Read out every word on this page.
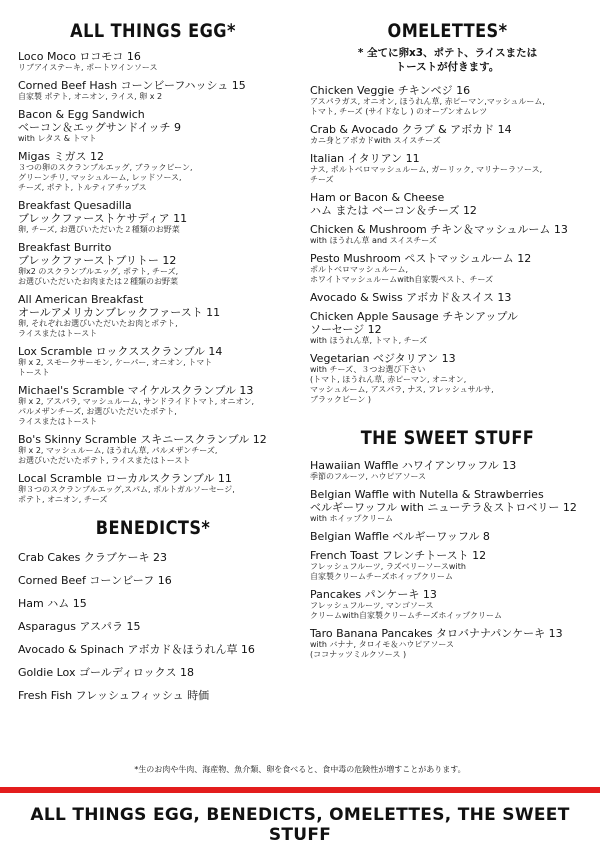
ALL THINGS EGG*
Loco Moco ロコモコ 16
リブアイステーキ, ポートワインソース
Corned Beef Hash コーンビーフハッシュ 15
自家製 ポテト, オニオン, ライス, 卵 x 2
Bacon & Egg Sandwich
ベーコン＆エッグサンドイッチ 9
with レタス & トマト
Migas ミガス 12
３つの卵のスクランブルエッグ, ブラックビーン,
グリーンチリ, マッシュルーム, レッドソース,
チーズ, ポテト, トルティアチップス
Breakfast Quesadilla
ブレックファーストケサディア 11
卵, チーズ, お選びいただいた２種類のお野菜
Breakfast Burrito
ブレックファーストブリトー 12
卵x2 のスクランブルエッグ, ポテト, チーズ,
お選びいただいたお肉または２種類のお野菜
All American Breakfast
オールアメリカンブレックファースト 11
卵, それぞれお選びいただいたお肉とポテト,
ライスまたはトースト
Lox Scramble ロックススクランブル 14
卵 x 2, スモークサーモン, ケーパー, オニオン, トマト
トースト
Michael's Scramble マイケルスクランブル 13
卵 x 2, アスパラ, マッシュルーム, サンドライドトマト, オニオン,
パルメザンチーズ, お選びいただいたポテト,
ライスまたはトースト
Bo's Skinny Scramble スキニースクランブル 12
卵 x 2, マッシュルーム, ほうれん草, パルメザンチーズ,
お選びいただいたポテト, ライスまたはトースト
Local Scramble ローカルスクランブル 11
卵３つのスクランブルエッグ,スパム, ポルトガルソーセージ,
ポテト, オニオン, チーズ
BENEDICTS*
Crab Cakes クラブケーキ 23
Corned Beef コーンビーフ 16
Ham ハム 15
Asparagus アスパラ 15
Avocado & Spinach アボカド＆ほうれん草 16
Goldie Lox ゴールディロックス 18
Fresh Fish フレッシュフィッシュ 時価
OMELETTES*
* 全てに卵x3、ポテト、ライスまたは
トーストが付きます。
Chicken Veggie チキンベジ 16
アスパラガス, オニオン, ほうれん草, 赤ピーマン,マッシュルーム,
トマト, チーズ (サイドなし ) のオープンオムレツ
Crab & Avocado クラブ & アボカド 14
カニ身とアボカドwith スイスチーズ
Italian イタリアン 11
ナス, ポルトベロマッシュルーム, ガーリック, マリナーラソース,
チーズ
Ham or Bacon & Cheese
ハム または ベーコン＆チーズ 12
Chicken & Mushroom チキン＆マッシュルーム 13
with ほうれん草 and スイスチーズ
Pesto Mushroom ペストマッシュルーム 12
ポルトベロマッシュルーム,
ホワイトマッシュルームwith自家製ペスト、チーズ
Avocado & Swiss アボカド＆スイス 13
Chicken Apple Sausage チキンアップル
ソーセージ 12
with ほうれん草, トマト, チーズ
Vegetarian ベジタリアン 13
with チーズ、３つお選び下さい
(トマト, ほうれん草, 赤ピーマン, オニオン,
マッシュルーム, アスパラ, ナス, フレッシュサルサ,
ブラックビーン )
THE SWEET STUFF
Hawaiian Waffle ハワイアンワッフル 13
季節のフルーツ, ハウピアソース
Belgian Waffle with Nutella & Strawberries
ベルギーワッフル with ニューテラ＆ストロベリー 12
with ホイップクリーム
Belgian Waffle ベルギーワッフル 8
French Toast フレンチトースト 12
フレッシュフルーツ, ラズベリーソースwith
自家製クリームチーズホイップクリーム
Pancakes パンケーキ 13
フレッシュフルーツ, マンゴソース
クリームwith自家製クリームチーズホイップクリーム
Taro Banana Pancakes タロバナナパンケーキ 13
with バナナ, タロイモ＆ハウピアソース
(ココナッツミルクソース )
*生のお肉や牛肉、海産物、魚介類、卵を食べると、食中毒の危険性が増すことがあります。
ALL THINGS EGG, BENEDICTS, OMELETTES, THE SWEET STUFF
